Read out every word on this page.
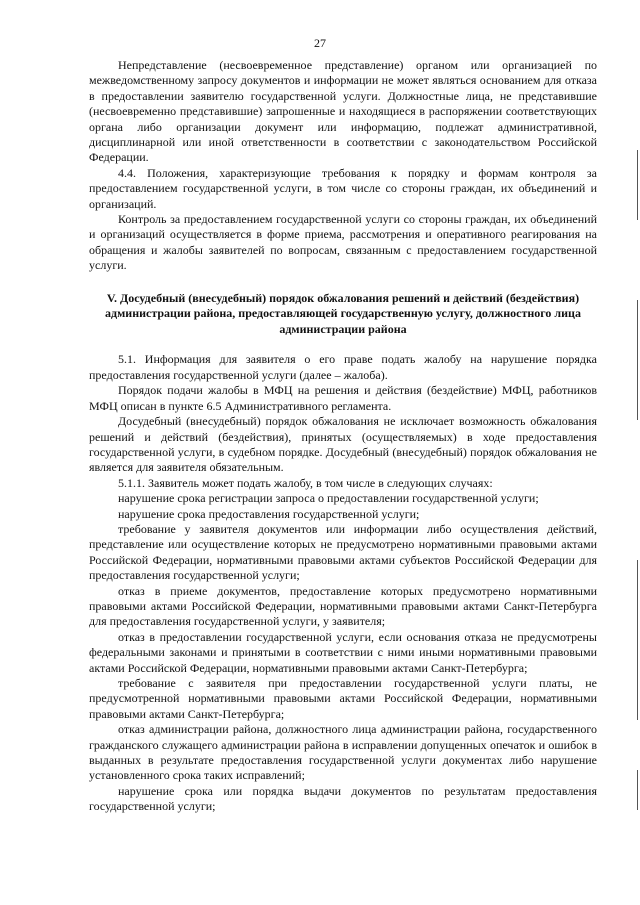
27

Непредставление (несвоевременное представление) органом или организацией по межведомственному запросу документов и информации не может являться основанием для отказа в предоставлении заявителю государственной услуги. Должностные лица, не представившие (несвоевременно представившие) запрошенные и находящиеся в распоряжении соответствующих органа либо организации документ или информацию, подлежат административной, дисциплинарной или иной ответственности в соответствии с законодательством Российской Федерации.

4.4. Положения, характеризующие требования к порядку и формам контроля за предоставлением государственной услуги, в том числе со стороны граждан, их объединений и организаций.

Контроль за предоставлением государственной услуги со стороны граждан, их объединений и организаций осуществляется в форме приема, рассмотрения и оперативного реагирования на обращения и жалобы заявителей по вопросам, связанным с предоставлением государственной услуги.

V. Досудебный (внесудебный) порядок обжалования решений и действий (бездействия) администрации района, предоставляющей государственную услугу, должностного лица администрации района

5.1. Информация для заявителя о его праве подать жалобу на нарушение порядка предоставления государственной услуги (далее – жалоба).

Порядок подачи жалобы в МФЦ на решения и действия (бездействие) МФЦ, работников МФЦ описан в пункте 6.5 Административного регламента.

Досудебный (внесудебный) порядок обжалования не исключает возможность обжалования решений и действий (бездействия), принятых (осуществляемых) в ходе предоставления государственной услуги, в судебном порядке. Досудебный (внесудебный) порядок обжалования не является для заявителя обязательным.

5.1.1. Заявитель может подать жалобу, в том числе в следующих случаях:

нарушение срока регистрации запроса о предоставлении государственной услуги;

нарушение срока предоставления государственной услуги;

требование у заявителя документов или информации либо осуществления действий, представление или осуществление которых не предусмотрено нормативными правовыми актами Российской Федерации, нормативными правовыми актами субъектов Российской Федерации для предоставления государственной услуги;

отказ в приеме документов, предоставление которых предусмотрено нормативными правовыми актами Российской Федерации, нормативными правовыми актами Санкт-Петербурга для предоставления государственной услуги, у заявителя;

отказ в предоставлении государственной услуги, если основания отказа не предусмотрены федеральными законами и принятыми в соответствии с ними иными нормативными правовыми актами Российской Федерации, нормативными правовыми актами Санкт-Петербурга;

требование с заявителя при предоставлении государственной услуги платы, не предусмотренной нормативными правовыми актами Российской Федерации, нормативными правовыми актами Санкт-Петербурга;

отказ администрации района, должностного лица администрации района, государственного гражданского служащего администрации района в исправлении допущенных опечаток и ошибок в выданных в результате предоставления государственной услуги документах либо нарушение установленного срока таких исправлений;

нарушение срока или порядка выдачи документов по результатам предоставления государственной услуги;
